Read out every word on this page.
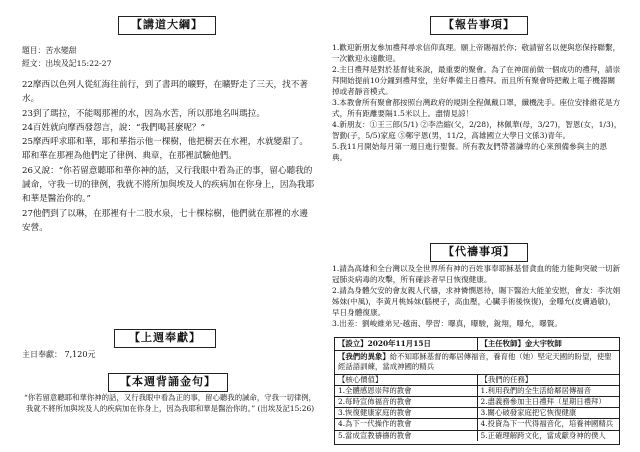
【講道大綱】
題目：苦水變甜
經文：出埃及記15:22-27

22摩西以色列人從紅海往前行，到了書珥的曠野，在曠野走了三天，找不著水。

23到了瑪拉，不能喝那裡的水，因為水苦，所以那地名叫瑪拉。

24百姓就向摩西發怨言，說：“我們喝甚麼呢？”

25摩西呼求耶和華，耶和華指示他一棵樹，他把樹丟在水裡，水就變甜了。 耶和華在那裡為他們定了律例、典章，在那裡試驗他們。

26又說：“你若留意聽耶和華你神的話，又行我眼中看為正的事，留心聽我的誡命，守我一切的律例，我就不將所加與埃及人的疾病加在你身上，因為我耶和華是醫治你的。”

27他們到了以琳，在那裡有十二股水泉，七十棵棕樹，他們就在那裡的水邊安營。

【上週奉獻】
主日奉獻： 7,120元
【本週背誦金句】
“你若留意聽耶和華你神的話，又行我眼中看為正的事，留心聽我的誡命，守我一切律例，我就不將所加與埃及人的疾病加在你身上，因為我耶和華是醫治你的。” (出埃及記15:26)
【報告事項】

1.歡迎新朋友參加禮拜尋求信仰真理。願上帝賜福於你；敬請留名以便與您保持聯繫，一次歡迎永遠歡迎。

2.主日禮拜是對於基督徒來說，最重要的聚會。為了在神面前做一個成功的禮拜，請崇拜開始提前10分鐘到禮拜堂，坐好準備主日禮拜。而且所有聚會時把戴上電子機器關掉或者靜音模式。

3.本教會所有聚會都按照台灣政府的規則全程佩戴口罩，纖機洗手。座位安排維花是方式，所有距離要隔1.5米以上。盡情見諒！

4.新朋友：①王三郎(5/1) ②李浩縮(父，2/28)，林佩華(母，3/27)，智恩(女，1/3)，智勤(子，5/5)家庭 ⑤鄭宇恩(男，11/2，高雄國立大學日文係3)青年。

5.我11月開始每月第一週日進行聖餐。所有教友們帶著謙卑的心來預備參與主的恩典。

【代禱事項】

1.請為高雄和全台灣以及全世界所有神的百姓事奉耶穌基督貪血的能力能夠突破一切新冠肺炎病毒的攻擊，所有確診者早日恢復健康。

2.請為身體欠安的會友親人代禱，求神憐憫恩待，賜下醫治大能並安慰，會友：李沈娟姊妹(中風)，李黃月桃姊妹(腦梗子，高血壓，心臟手術後恢復)，金曝允(皮膚過敏)，早日身體復康。

3.出差：劉峻維弟兄-越南、學習：曝真，曝駿，銳翔，曝允，曝賢。

【設立】2020年11月15日	【主任牧師】金大宇牧師
【我們的異象】給不知耶穌基督的鄰居傳福音，養育他（她）堅定天國的盼望，使聖經話語訓練，當成神國的精兵
【核心價值】
1.全體感恩崇拜的教會
2.每時宣佈福音的教會
3.恢復健康家庭的教會
4.為下一代操作的教會
5.當成宣教禱禱的教會
【我們的任務】
1.利用我們的全生活給鄰居傳福音
2.盡義務參加主日禮拜（星期日禮拜）
3.關心破發家庭把它恢復健康
4.投資為下一代得福音化，培養神國精兵
5.正確理解跨文化，當成獻身神的僕人
